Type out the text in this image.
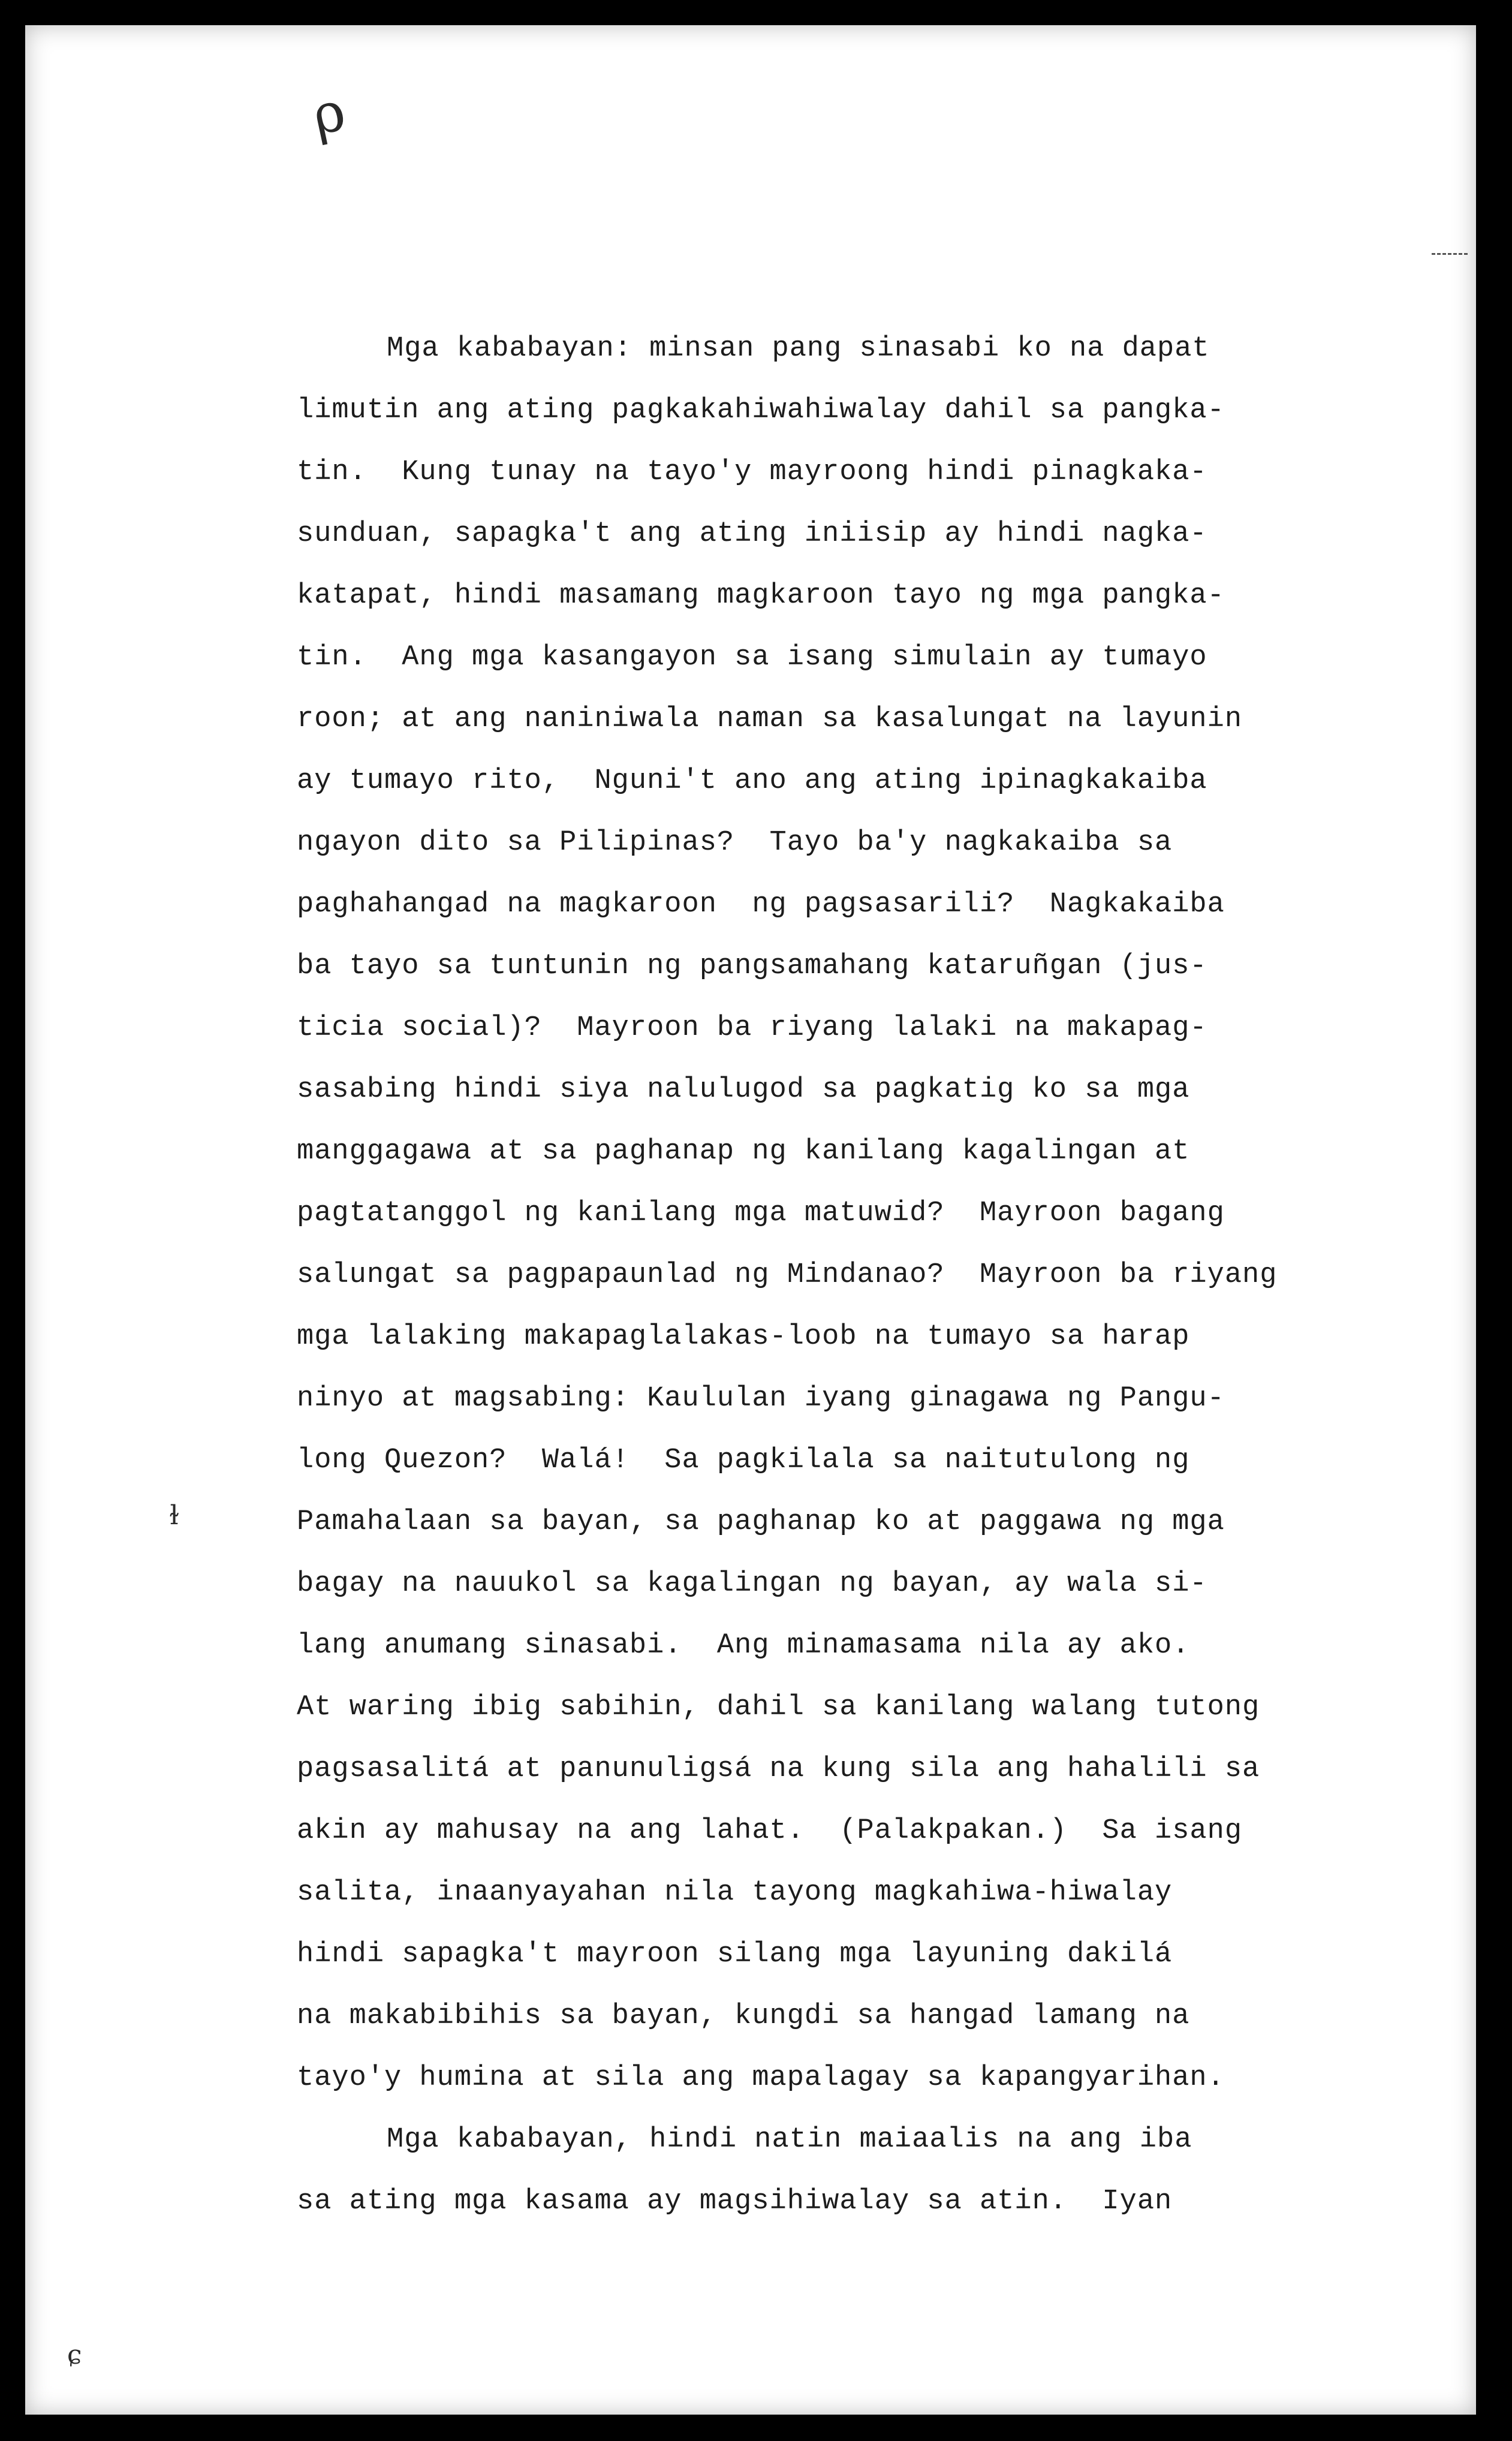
ρ
ɫ
ɕ
Mga kababayan: minsan pang sinasabi ko na dapat
limutin ang ating pagkakahiwahiwalay dahil sa pangka-
tin.  Kung tunay na tayo'y mayroong hindi pinagkaka-
sunduan, sapagka't ang ating iniisip ay hindi nagka-
katapat, hindi masamang magkaroon tayo ng mga pangka-
tin.  Ang mga kasangayon sa isang simulain ay tumayo
roon; at ang naniniwala naman sa kasalungat na layunin
ay tumayo rito,  Nguni't ano ang ating ipinagkakaiba
ngayon dito sa Pilipinas?  Tayo ba'y nagkakaiba sa
paghahangad na magkaroon  ng pagsasarili?  Nagkakaiba
ba tayo sa tuntunin ng pangsamahang kataruñgan (jus-
ticia social)?  Mayroon ba riyang lalaki na makapag-
sasabing hindi siya nalulugod sa pagkatig ko sa mga
manggagawa at sa paghanap ng kanilang kagalingan at
pagtatanggol ng kanilang mga matuwid?  Mayroon bagang
salungat sa pagpapaunlad ng Mindanao?  Mayroon ba riyang
mga lalaking makapaglalakas-loob na tumayo sa harap
ninyo at magsabing: Kaululan iyang ginagawa ng Pangu-
long Quezon?  Walá!  Sa pagkilala sa naitutulong ng
Pamahalaan sa bayan, sa paghanap ko at paggawa ng mga
bagay na nauukol sa kagalingan ng bayan, ay wala si-
lang anumang sinasabi.  Ang minamasama nila ay ako.
At waring ibig sabihin, dahil sa kanilang walang tutong
pagsasalitá at panunuligsá na kung sila ang hahalili sa
akin ay mahusay na ang lahat.  (Palakpakan.)  Sa isang
salita, inaanyayahan nila tayong magkahiwa-hiwalay
hindi sapagka't mayroon silang mga layuning dakilá
na makabibihis sa bayan, kungdi sa hangad lamang na
tayo'y humina at sila ang mapalagay sa kapangyarihan.
Mga kababayan, hindi natin maiaalis na ang iba
sa ating mga kasama ay magsihiwalay sa atin.  Iyan
